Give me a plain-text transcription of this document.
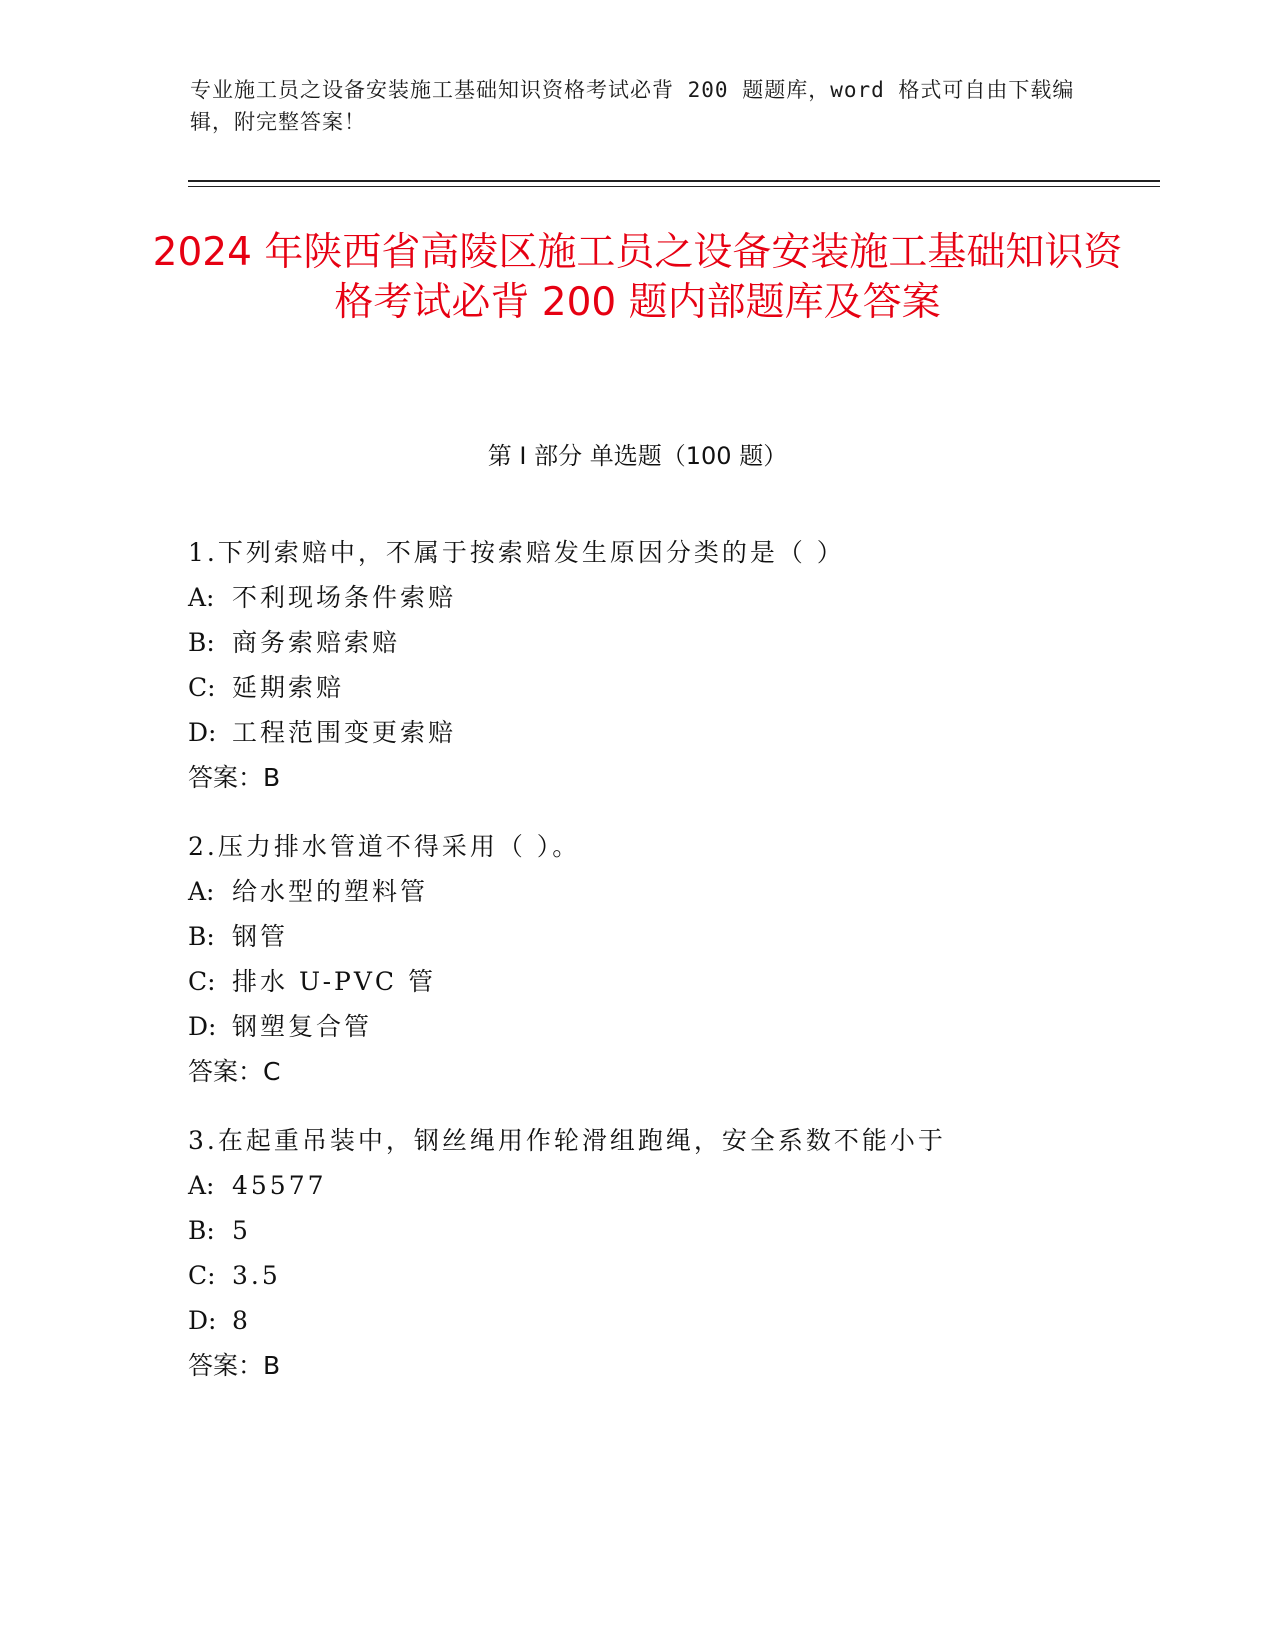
专业施工员之设备安装施工基础知识资格考试必背 200 题题库，word 格式可自由下载编辑，附完整答案！
2024 年陕西省高陵区施工员之设备安装施工基础知识资格考试必背 200 题内部题库及答案
第 I 部分 单选题（100 题）
1.下列索赔中，不属于按索赔发生原因分类的是（ ）
A: 不利现场条件索赔
B: 商务索赔索赔
C: 延期索赔
D: 工程范围变更索赔
答案：B
2.压力排水管道不得采用（ ）。
A: 给水型的塑料管
B: 钢管
C: 排水 U-PVC 管
D: 钢塑复合管
答案：C
3.在起重吊装中，钢丝绳用作轮滑组跑绳，安全系数不能小于
A: 45577
B: 5
C: 3.5
D: 8
答案：B
